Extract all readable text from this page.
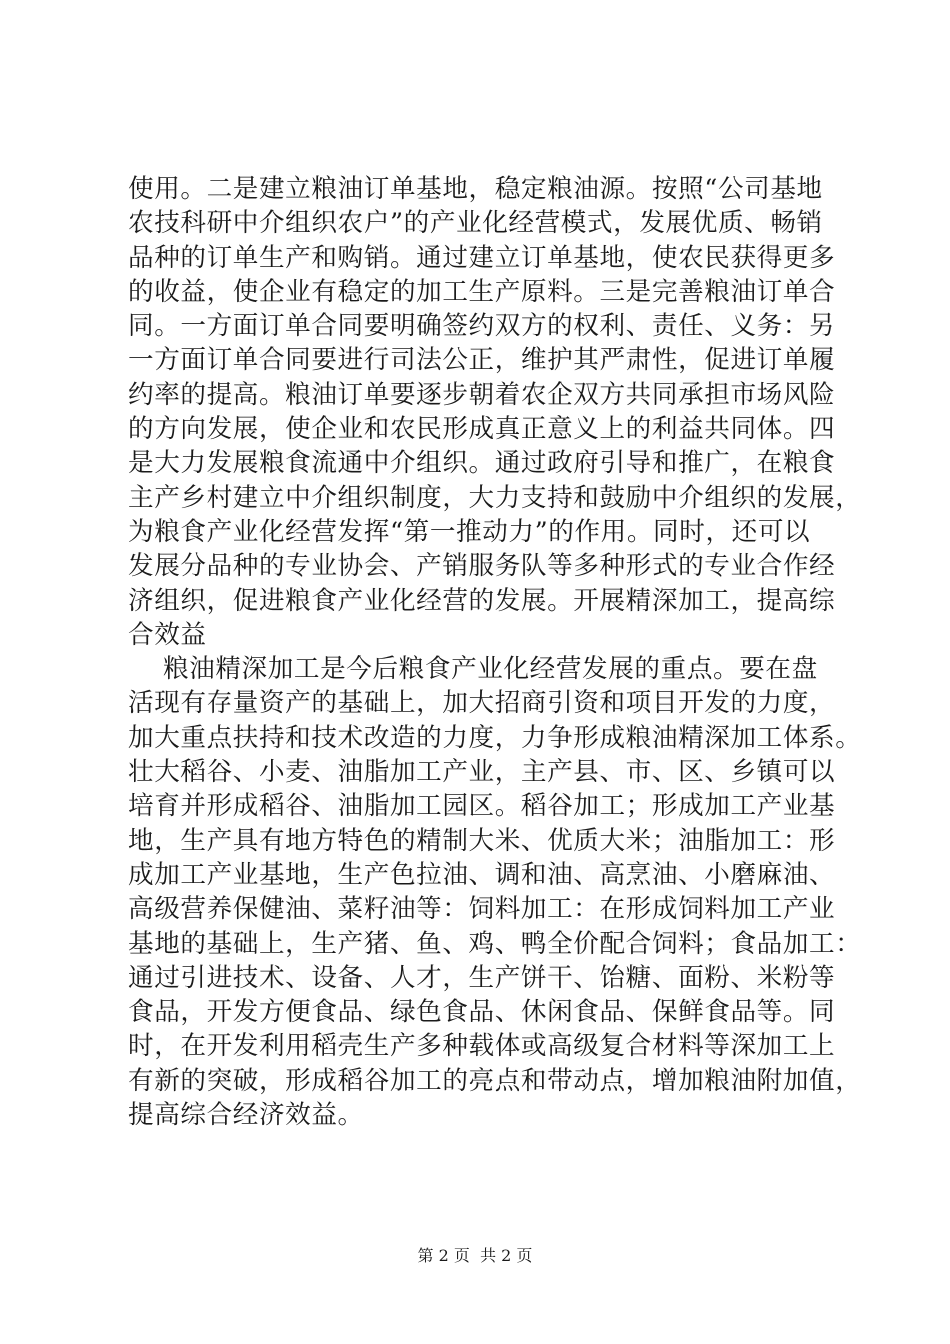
使用。二是建立粮油订单基地，稳定粮油源。按照“公司基地
农技科研中介组织农户”的产业化经营模式，发展优质、畅销
品种的订单生产和购销。通过建立订单基地，使农民获得更多
的收益，使企业有稳定的加工生产原料。三是完善粮油订单合
同。一方面订单合同要明确签约双方的权利、责任、义务：另
一方面订单合同要进行司法公正，维护其严肃性，促进订单履
约率的提高。粮油订单要逐步朝着农企双方共同承担市场风险
的方向发展，使企业和农民形成真正意义上的利益共同体。四
是大力发展粮食流通中介组织。通过政府引导和推广，在粮食
主产乡村建立中介组织制度，大力支持和鼓励中介组织的发展，
为粮食产业化经营发挥“第一推动力”的作用。同时，还可以
发展分品种的专业协会、产销服务队等多种形式的专业合作经
济组织，促进粮食产业化经营的发展。开展精深加工，提高综
合效益
粮油精深加工是今后粮食产业化经营发展的重点。要在盘
活现有存量资产的基础上，加大招商引资和项目开发的力度，
加大重点扶持和技术改造的力度，力争形成粮油精深加工体系。
壮大稻谷、小麦、油脂加工产业，主产县、市、区、乡镇可以
培育并形成稻谷、油脂加工园区。稻谷加工；形成加工产业基
地，生产具有地方特色的精制大米、优质大米；油脂加工：形
成加工产业基地，生产色拉油、调和油、高烹油、小磨麻油、
高级营养保健油、菜籽油等：饲料加工：在形成饲料加工产业
基地的基础上，生产猪、鱼、鸡、鸭全价配合饲料；食品加工：
通过引进技术、设备、人才，生产饼干、饴糖、面粉、米粉等
食品，开发方便食品、绿色食品、休闲食品、保鲜食品等。同
时，在开发利用稻壳生产多种载体或高级复合材料等深加工上
有新的突破，形成稻谷加工的亮点和带动点，增加粮油附加值，
提高综合经济效益。
第 2 页  共 2 页
